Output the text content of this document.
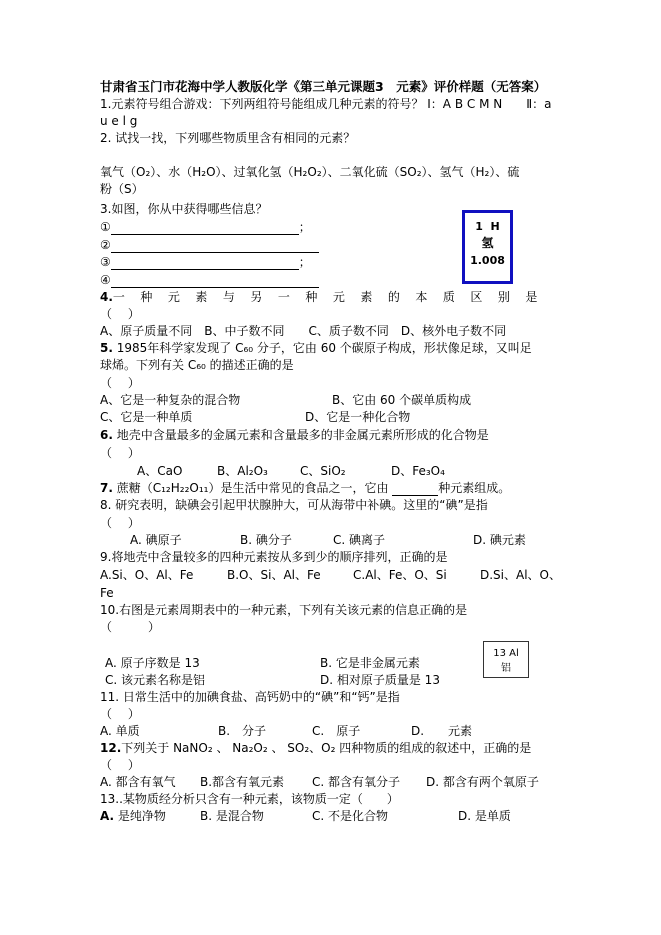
甘肃省玉门市花海中学人教版化学《第三单元课题3　元素》评价样题（无答案）
1.元素符号组合游戏：下列两组符号能组成几种元素的符号？ Ⅰ：A B C M N　　Ⅱ：a
u e l g
2. 试找一找，下列哪些物质里含有相同的元素？
氧气（O₂）、水（H₂O）、过氧化氢（H₂O₂）、二氧化硫（SO₂）、氢气（H₂）、硫
粉（S）
3.如图，你从中获得哪些信息？
①	；
②
③	；
④
1 H
氢
1.008
4.一种元素与另一种元素的本质区别是
（　 ）
A、原子质量不同　B、中子数不同　　C、质子数不同　D、核外电子数不同
5. 1985年科学家发现了 C₆₀ 分子，它由 60 个碳原子构成，形状像足球，又叫足
球烯。下列有关 C₆₀ 的描述正确的是
（　 ）
A、它是一种复杂的混合物	B、它由 60 个碳单质构成
C、它是一种单质	D、它是一种化合物
6. 地壳中含量最多的金属元素和含量最多的非金属元素所形成的化合物是
（　 ）
A、CaO	B、Al₂O₃	C、SiO₂	D、Fe₃O₄
7. 蔗糖（C₁₂H₂₂O₁₁）是生活中常见的食品之一，它由	种元素组成。
8. 研究表明，缺碘会引起甲状腺肿大，可从海带中补碘。这里的“碘”是指
（　 ）
A. 碘原子	B. 碘分子	C. 碘离子	D. 碘元素
9.将地壳中含量较多的四种元素按从多到少的顺序排列，正确的是
A.Si、O、Al、Fe	B.O、Si、Al、Fe	C.Al、Fe、O、Si	D.Si、Al、O、
Fe
10.右图是元素周期表中的一种元素，下列有关该元素的信息正确的是
（　　　）
A. 原子序数是 13	B. 它是非金属元素
C. 该元素名称是铝	D. 相对原子质量是 13
13 Al
铝
11. 日常生活中的加碘食盐、高钙奶中的“碘”和“钙”是指
（　 ）
A. 单质	B.　分子	C.　原子	D.　　元素
12.下列关于 NaNO₂ 、 Na₂O₂ 、 SO₂、O₂ 四种物质的组成的叙述中，正确的是
（　 ）
A. 都含有氧气 B.都含有氧元素 C. 都含有氧分子 D. 都含有两个氧原子
13..某物质经分析只含有一种元素，该物质一定（　　）
A. 是纯净物	B. 是混合物	C. 不是化合物	D. 是单质
